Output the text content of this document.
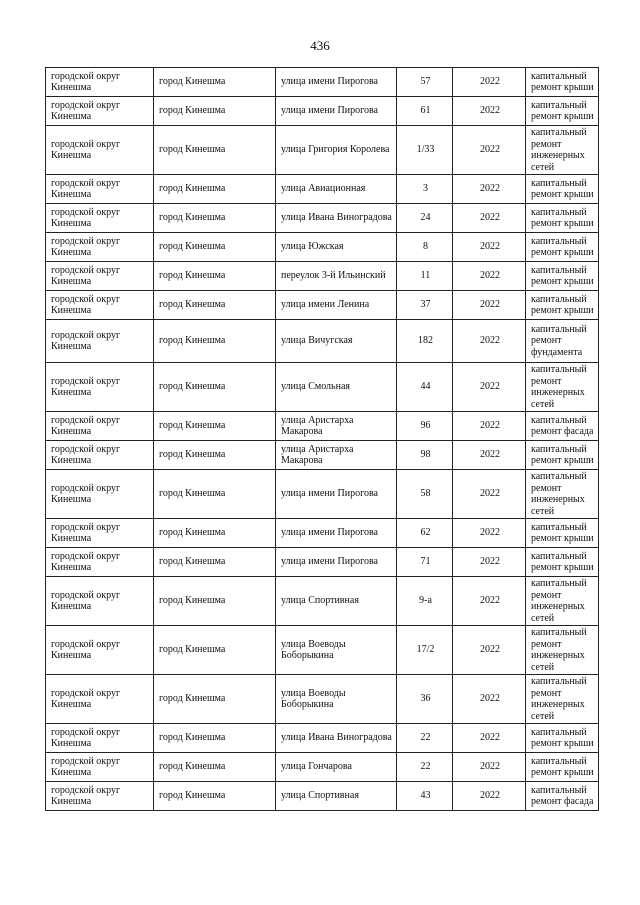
436
городской округ Кинешма	город Кинешма	улица имени Пирогова	57	2022	капитальный ремонт крыши
городской округ Кинешма	город Кинешма	улица имени Пирогова	61	2022	капитальный ремонт крыши
городской округ Кинешма	город Кинешма	улица Григория Королева	1/33	2022	капитальный ремонт инженерных сетей
городской округ Кинешма	город Кинешма	улица Авиационная	3	2022	капитальный ремонт крыши
городской округ Кинешма	город Кинешма	улица Ивана Виноградова	24	2022	капитальный ремонт крыши
городской округ Кинешма	город Кинешма	улица Южская	8	2022	капитальный ремонт крыши
городской округ Кинешма	город Кинешма	переулок 3-й Ильинский	11	2022	капитальный ремонт крыши
городской округ Кинешма	город Кинешма	улица имени Ленина	37	2022	капитальный ремонт крыши
городской округ Кинешма	город Кинешма	улица Вичугская	182	2022	капитальный ремонт фундамента
городской округ Кинешма	город Кинешма	улица Смольная	44	2022	капитальный ремонт инженерных сетей
городской округ Кинешма	город Кинешма	улица Аристарха Макарова	96	2022	капитальный ремонт фасада
городской округ Кинешма	город Кинешма	улица Аристарха Макарова	98	2022	капитальный ремонт крыши
городской округ Кинешма	город Кинешма	улица имени Пирогова	58	2022	капитальный ремонт инженерных сетей
городской округ Кинешма	город Кинешма	улица имени Пирогова	62	2022	капитальный ремонт крыши
городской округ Кинешма	город Кинешма	улица имени Пирогова	71	2022	капитальный ремонт крыши
городской округ Кинешма	город Кинешма	улица Спортивная	9-а	2022	капитальный ремонт инженерных сетей
городской округ Кинешма	город Кинешма	улица Воеводы Боборыкина	17/2	2022	капитальный ремонт инженерных сетей
городской округ Кинешма	город Кинешма	улица Воеводы Боборыкина	36	2022	капитальный ремонт инженерных сетей
городской округ Кинешма	город Кинешма	улица Ивана Виноградова	22	2022	капитальный ремонт крыши
городской округ Кинешма	город Кинешма	улица Гончарова	22	2022	капитальный ремонт крыши
городской округ Кинешма	город Кинешма	улица Спортивная	43	2022	капитальный ремонт фасада
